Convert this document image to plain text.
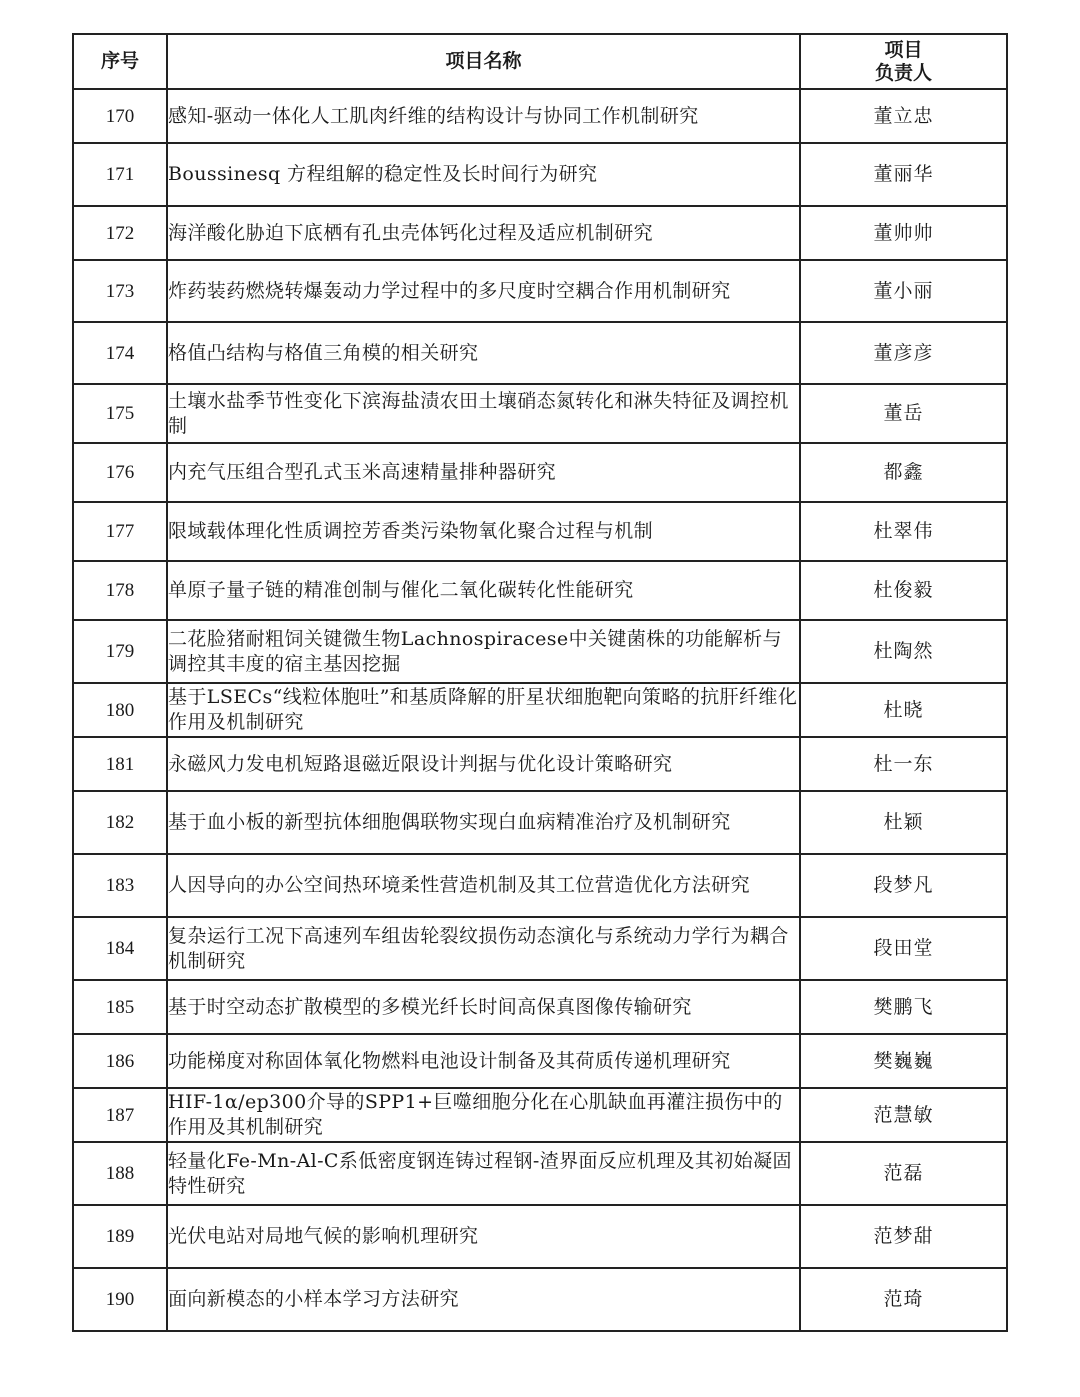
序号	项目名称	项目
负责人

170	感知-驱动一体化人工肌肉纤维的结构设计与协同工作机制研究	董立忠
171	Boussinesq 方程组解的稳定性及长时间行为研究	董丽华
172	海洋酸化胁迫下底栖有孔虫壳体钙化过程及适应机制研究	董帅帅
173	炸药装药燃烧转爆轰动力学过程中的多尺度时空耦合作用机制研究	董小丽
174	格值凸结构与格值三角模的相关研究	董彦彦
175	土壤水盐季节性变化下滨海盐渍农田土壤硝态氮转化和淋失特征及调控机制	董岳
176	内充气压组合型孔式玉米高速精量排种器研究	都鑫
177	限域载体理化性质调控芳香类污染物氧化聚合过程与机制	杜翠伟
178	单原子量子链的精准创制与催化二氧化碳转化性能研究	杜俊毅
179	二花脸猪耐粗饲关键微生物Lachnospiracese中关键菌株的功能解析与调控其丰度的宿主基因挖掘	杜陶然
180	基于LSECs“线粒体胞吐”和基质降解的肝星状细胞靶向策略的抗肝纤维化作用及机制研究	杜晓
181	永磁风力发电机短路退磁近限设计判据与优化设计策略研究	杜一东
182	基于血小板的新型抗体细胞偶联物实现白血病精准治疗及机制研究	杜颖
183	人因导向的办公空间热环境柔性营造机制及其工位营造优化方法研究	段梦凡
184	复杂运行工况下高速列车组齿轮裂纹损伤动态演化与系统动力学行为耦合机制研究	段田堂
185	基于时空动态扩散模型的多模光纤长时间高保真图像传输研究	樊鹏飞
186	功能梯度对称固体氧化物燃料电池设计制备及其荷质传递机理研究	樊巍巍
187	HIF-1α/ep300介导的SPP1+巨噬细胞分化在心肌缺血再灌注损伤中的作用及其机制研究	范慧敏
188	轻量化Fe-Mn-Al-C系低密度钢连铸过程钢-渣界面反应机理及其初始凝固特性研究	范磊
189	光伏电站对局地气候的影响机理研究	范梦甜
190	面向新模态的小样本学习方法研究	范琦
